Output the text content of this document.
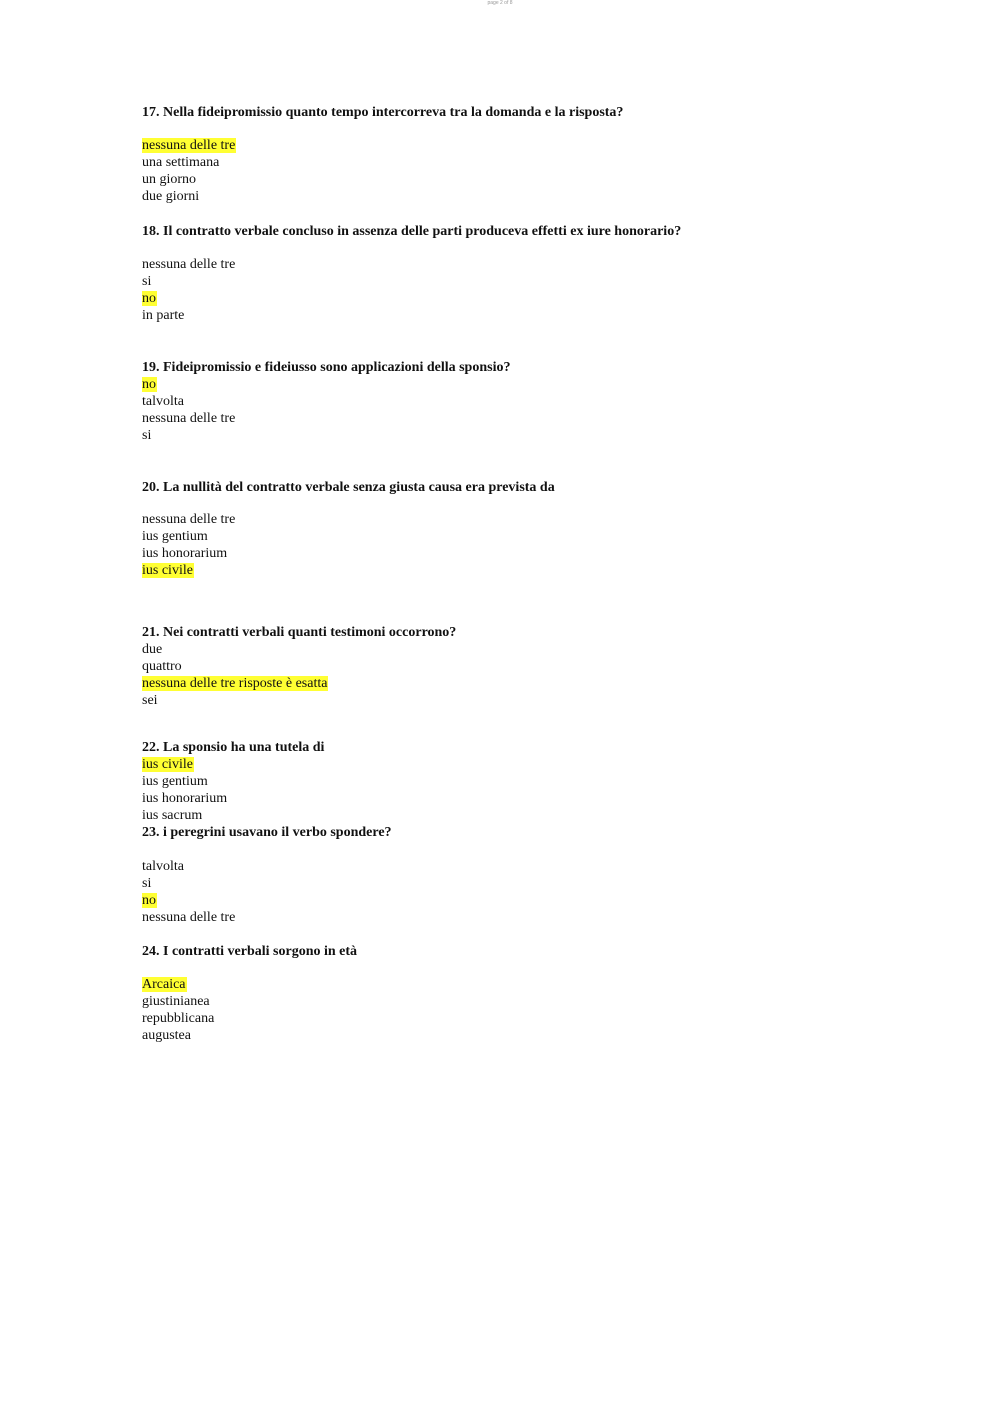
page 2 of 8
17. Nella fideipromissio quanto tempo intercorreva tra la domanda e la risposta?
nessuna delle tre
una settimana
un giorno
due giorni
18. Il contratto verbale concluso in assenza delle parti produceva effetti ex iure honorario?
nessuna delle tre
si
no
in parte
19. Fideipromissio e fideiusso sono applicazioni della sponsio?
no
talvolta
nessuna delle tre
si
20. La nullità del contratto verbale senza giusta causa era prevista da
nessuna delle tre
ius gentium
ius honorarium
ius civile
21. Nei contratti verbali quanti testimoni occorrono?
due
quattro
nessuna delle tre risposte è esatta
sei
22. La sponsio ha una tutela di
ius civile
ius gentium
ius honorarium
ius sacrum
23. i peregrini usavano il verbo spondere?
talvolta
si
no
nessuna delle tre
24. I contratti verbali sorgono in età
Arcaica
giustinianea
repubblicana
augustea
